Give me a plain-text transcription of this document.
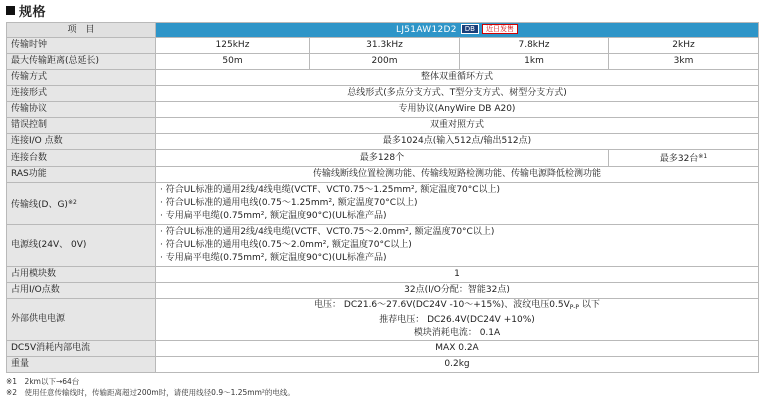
规格
项　目	LJ51AW12D2 DB 近日发售			
传输时钟	125kHz	31.3kHz	7.8kHz	2kHz
最大传输距离(总延长)	50m	200m	1km	3km
传输方式	整体双重循环方式			
连接形式	总线形式(多点分支方式、T型分支方式、树型分支方式)			
传输协议	专用协议(AnyWire DB A20)			
错误控制	双重对照方式			
连接I/O 点数	最多1024点(输入512点/输出512点)			
连接台数	最多128个			最多32台$^{※1}$
RAS功能	传输线断线位置检测功能、传输线短路检测功能、传输电源降低检测功能			
传输线(D、G)$^{※2}$	· 符合UL标准的通用2线/4线电缆(VCTF、VCT0.75～1.25mm², 额定温度70°C以上)
· 符合UL标准的通用电线(0.75～1.25mm², 额定温度70°C以上)
· 专用扁平电缆(0.75mm², 额定温度90°C)(UL标准产品)			

电源线(24V、 0V)	· 符合UL标准的通用2线/4线电缆(VCTF、VCT0.75～2.0mm², 额定温度70°C以上)
· 符合UL标准的通用电线(0.75～2.0mm², 额定温度70°C以上)
· 专用扁平电缆(0.75mm², 额定温度90°C)(UL标准产品)			

占用模块数	1			
占用I/O点数	32点(I/O分配：智能32点)			
外部供电电源	电压： DC21.6～27.6V(DC24V -10～+15%)、波纹电压$0.5V_{P-P}$ 以下
推荐电压： DC26.4V(DC24V +10%)
模块消耗电流： 0.1A			

DC5V消耗内部电流	MAX 0.2A			
重量	0.2kg			
※1　2km以下→64台
※2　使用任意传输线时，传输距离超过200m时，请使用线径0.9～1.25mm²的电线。
